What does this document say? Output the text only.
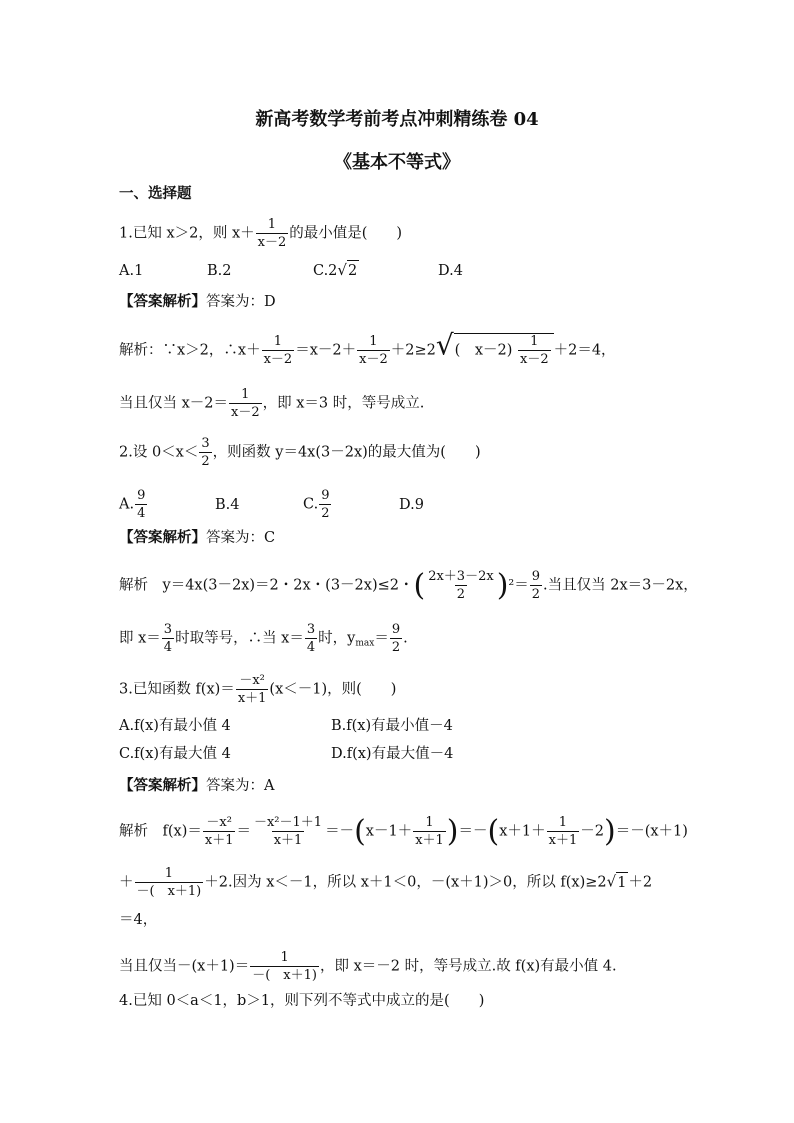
新高考数学考前考点冲刺精练卷 04
《基本不等式》
一、选择题
1.已知 x＞2，则 $x+ \frac{1}{x-2}$ 的最小值是(　　)
A.1	B.2	C.2√2	D.4
【答案解析】答案为：D
解析：∵x＞2，∴x＋ $\frac{1}{x-2} =x-2+ \frac{1}{x-2} +2\ge 2√$(　$x-2) \frac{1}{x-2} +2=4$，
当且仅当 $x-2= \frac{1}{x-2}$ ，即 x＝3 时，等号成立.
2.设 $0<x< \frac{3}{2}$ ，则函数 y＝4x(3－2x)的最大值为(　　)
A. $\frac{9}{4}$	B.4	C. $\frac{9}{2}$	D.9
【答案解析】答案为：C
解析　y＝4x(3－2x)＝2・2x・(3－2x)≤2・( $\frac{2x+3-2x}{2} )^2= \frac{9}{2}$ .当且仅当 2x＝3－2x，
即 $x= \frac{3}{4}$ 时取等号，∴当 $x= \frac{3}{4}$ 时，$y_{max}= \frac{9}{2}$ .
3.已知函数 $f(x)= \frac{\text{－x²}}{x+1} (x<-1)$，则(　　)
A.f(x)有最小值 4	B.f(x)有最小值－4
C.f(x)有最大值 4	D.f(x)有最大值－4
【答案解析】答案为：A
解析　$f(x)= \frac{\text{－x²}}{x+1} = \frac{\text{－x²－1＋1}}{x+1} =-(x-1+ \frac{1}{x+1} )=-(x+1+ \frac{1}{x+1} -2)=-(x+1)$
＋ $\frac{1}{-( x+1)} +2$.因为 x＜－1，所以 x＋1＜0，－(x＋1)＞0，所以 f(x)≥2√1 ＋2
＝4，
当且仅当$-(x+1)= \frac{1}{-( x+1)}$ ，即 x＝－2 时，等号成立.故 f(x)有最小值 4.
4.已知 0＜a＜1，b＞1，则下列不等式中成立的是(　　)
